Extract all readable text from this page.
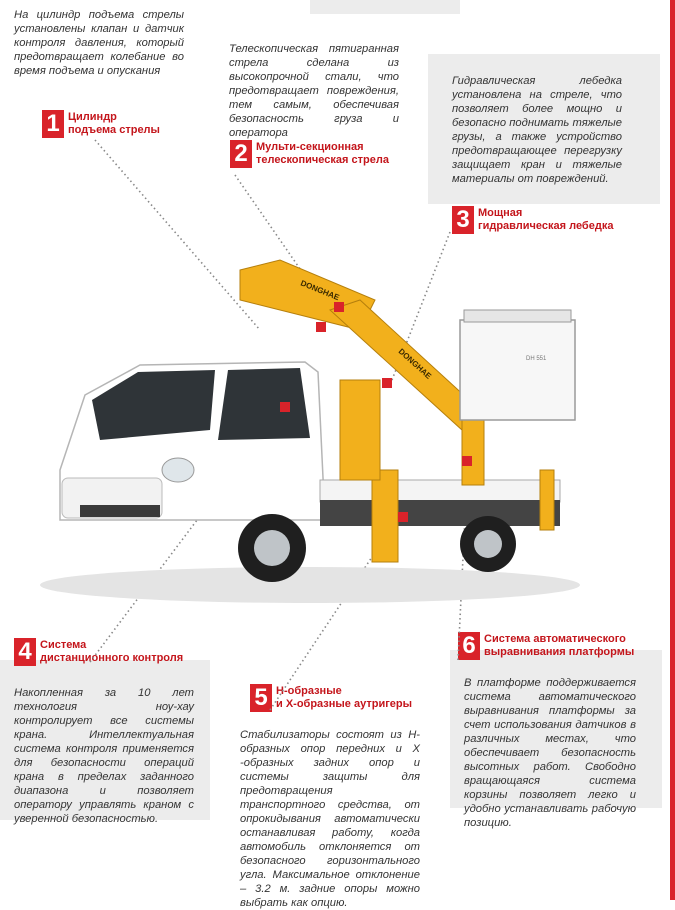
На цилиндр подъема стрелы установлены клапан и датчик контроля давления, который предотвращает колебание во время подъема и опускания
Телескопическая пятигранная стрела сделана из высокопрочной стали, что предотвращает повреждения, тем самым, обеспечивая безопасность груза и оператора
Гидравлическая лебедка установлена на стреле, что позволяет более мощно и безопасно поднимать тяжелые грузы, а также устройство предотвращающее перегрузку защищает кран и тяжелые материалы от повреждений.
1 Цилиндр
подъема стрелы
2 Мульти-секционная
телескопическая стрела
3 Мощная
гидравлическая лебедка
4 Система
дистанционного контроля
5 H-образные
и X-образные аутригеры
6 Система автоматического
выравнивания платформы
Накопленная за 10 лет технология ноу-хау контролирует все системы крана. Интеллектуальная система контроля применяется для безопасности операций крана в пределах заданного диапазона и позволяет оператору управлять краном с уверенной безопасностью.
Стабилизаторы состоят из H-образных опор передних и X -образных задних опор и системы защиты для предотвращения транспортного средства, от опрокидывания автоматически останавливая работу, когда автомобиль отклоняется от безопасного горизонтального угла. Максимальное отклонение – 3.2 м. задние опоры можно выбрать как опцию.
В платформе поддерживается система автоматического выравнивания платформы за счет использования датчиков в различных местах, что обеспечивает безопасность высотных работ. Свободно вращающаяся система корзины позволяет легко и удобно устанавливать рабочую позицию.
DONGHAE
DONGHAE	DH 551
